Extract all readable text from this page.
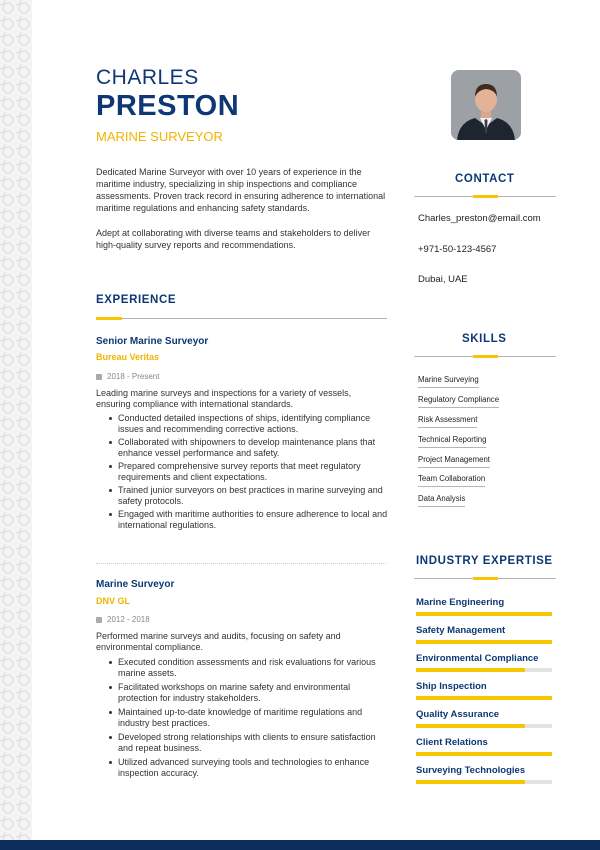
CHARLES
PRESTON
MARINE SURVEYOR
Dedicated Marine Surveyor with over 10 years of experience in the maritime industry, specializing in ship inspections and compliance assessments. Proven track record in ensuring adherence to international maritime regulations and enhancing safety standards.
Adept at collaborating with diverse teams and stakeholders to deliver high-quality survey reports and recommendations.
EXPERIENCE
Senior Marine Surveyor
Bureau Veritas
2018 - Present
Leading marine surveys and inspections for a variety of vessels, ensuring compliance with international standards.
Conducted detailed inspections of ships, identifying compliance issues and recommending corrective actions.
Collaborated with shipowners to develop maintenance plans that enhance vessel performance and safety.
Prepared comprehensive survey reports that meet regulatory requirements and client expectations.
Trained junior surveyors on best practices in marine surveying and safety protocols.
Engaged with maritime authorities to ensure adherence to local and international regulations.
Marine Surveyor
DNV GL
2012 - 2018
Performed marine surveys and audits, focusing on safety and environmental compliance.
Executed condition assessments and risk evaluations for various marine assets.
Facilitated workshops on marine safety and environmental protection for industry stakeholders.
Maintained up-to-date knowledge of maritime regulations and industry best practices.
Developed strong relationships with clients to ensure satisfaction and repeat business.
Utilized advanced surveying tools and technologies to enhance inspection accuracy.
CONTACT
Charles_preston@email.com
+971-50-123-4567
Dubai, UAE
SKILLS
Marine Surveying
Regulatory Compliance
Risk Assessment
Technical Reporting
Project Management
Team Collaboration
Data Analysis
INDUSTRY EXPERTISE
Marine Engineering
Safety Management
Environmental Compliance
Ship Inspection
Quality Assurance
Client Relations
Surveying Technologies
